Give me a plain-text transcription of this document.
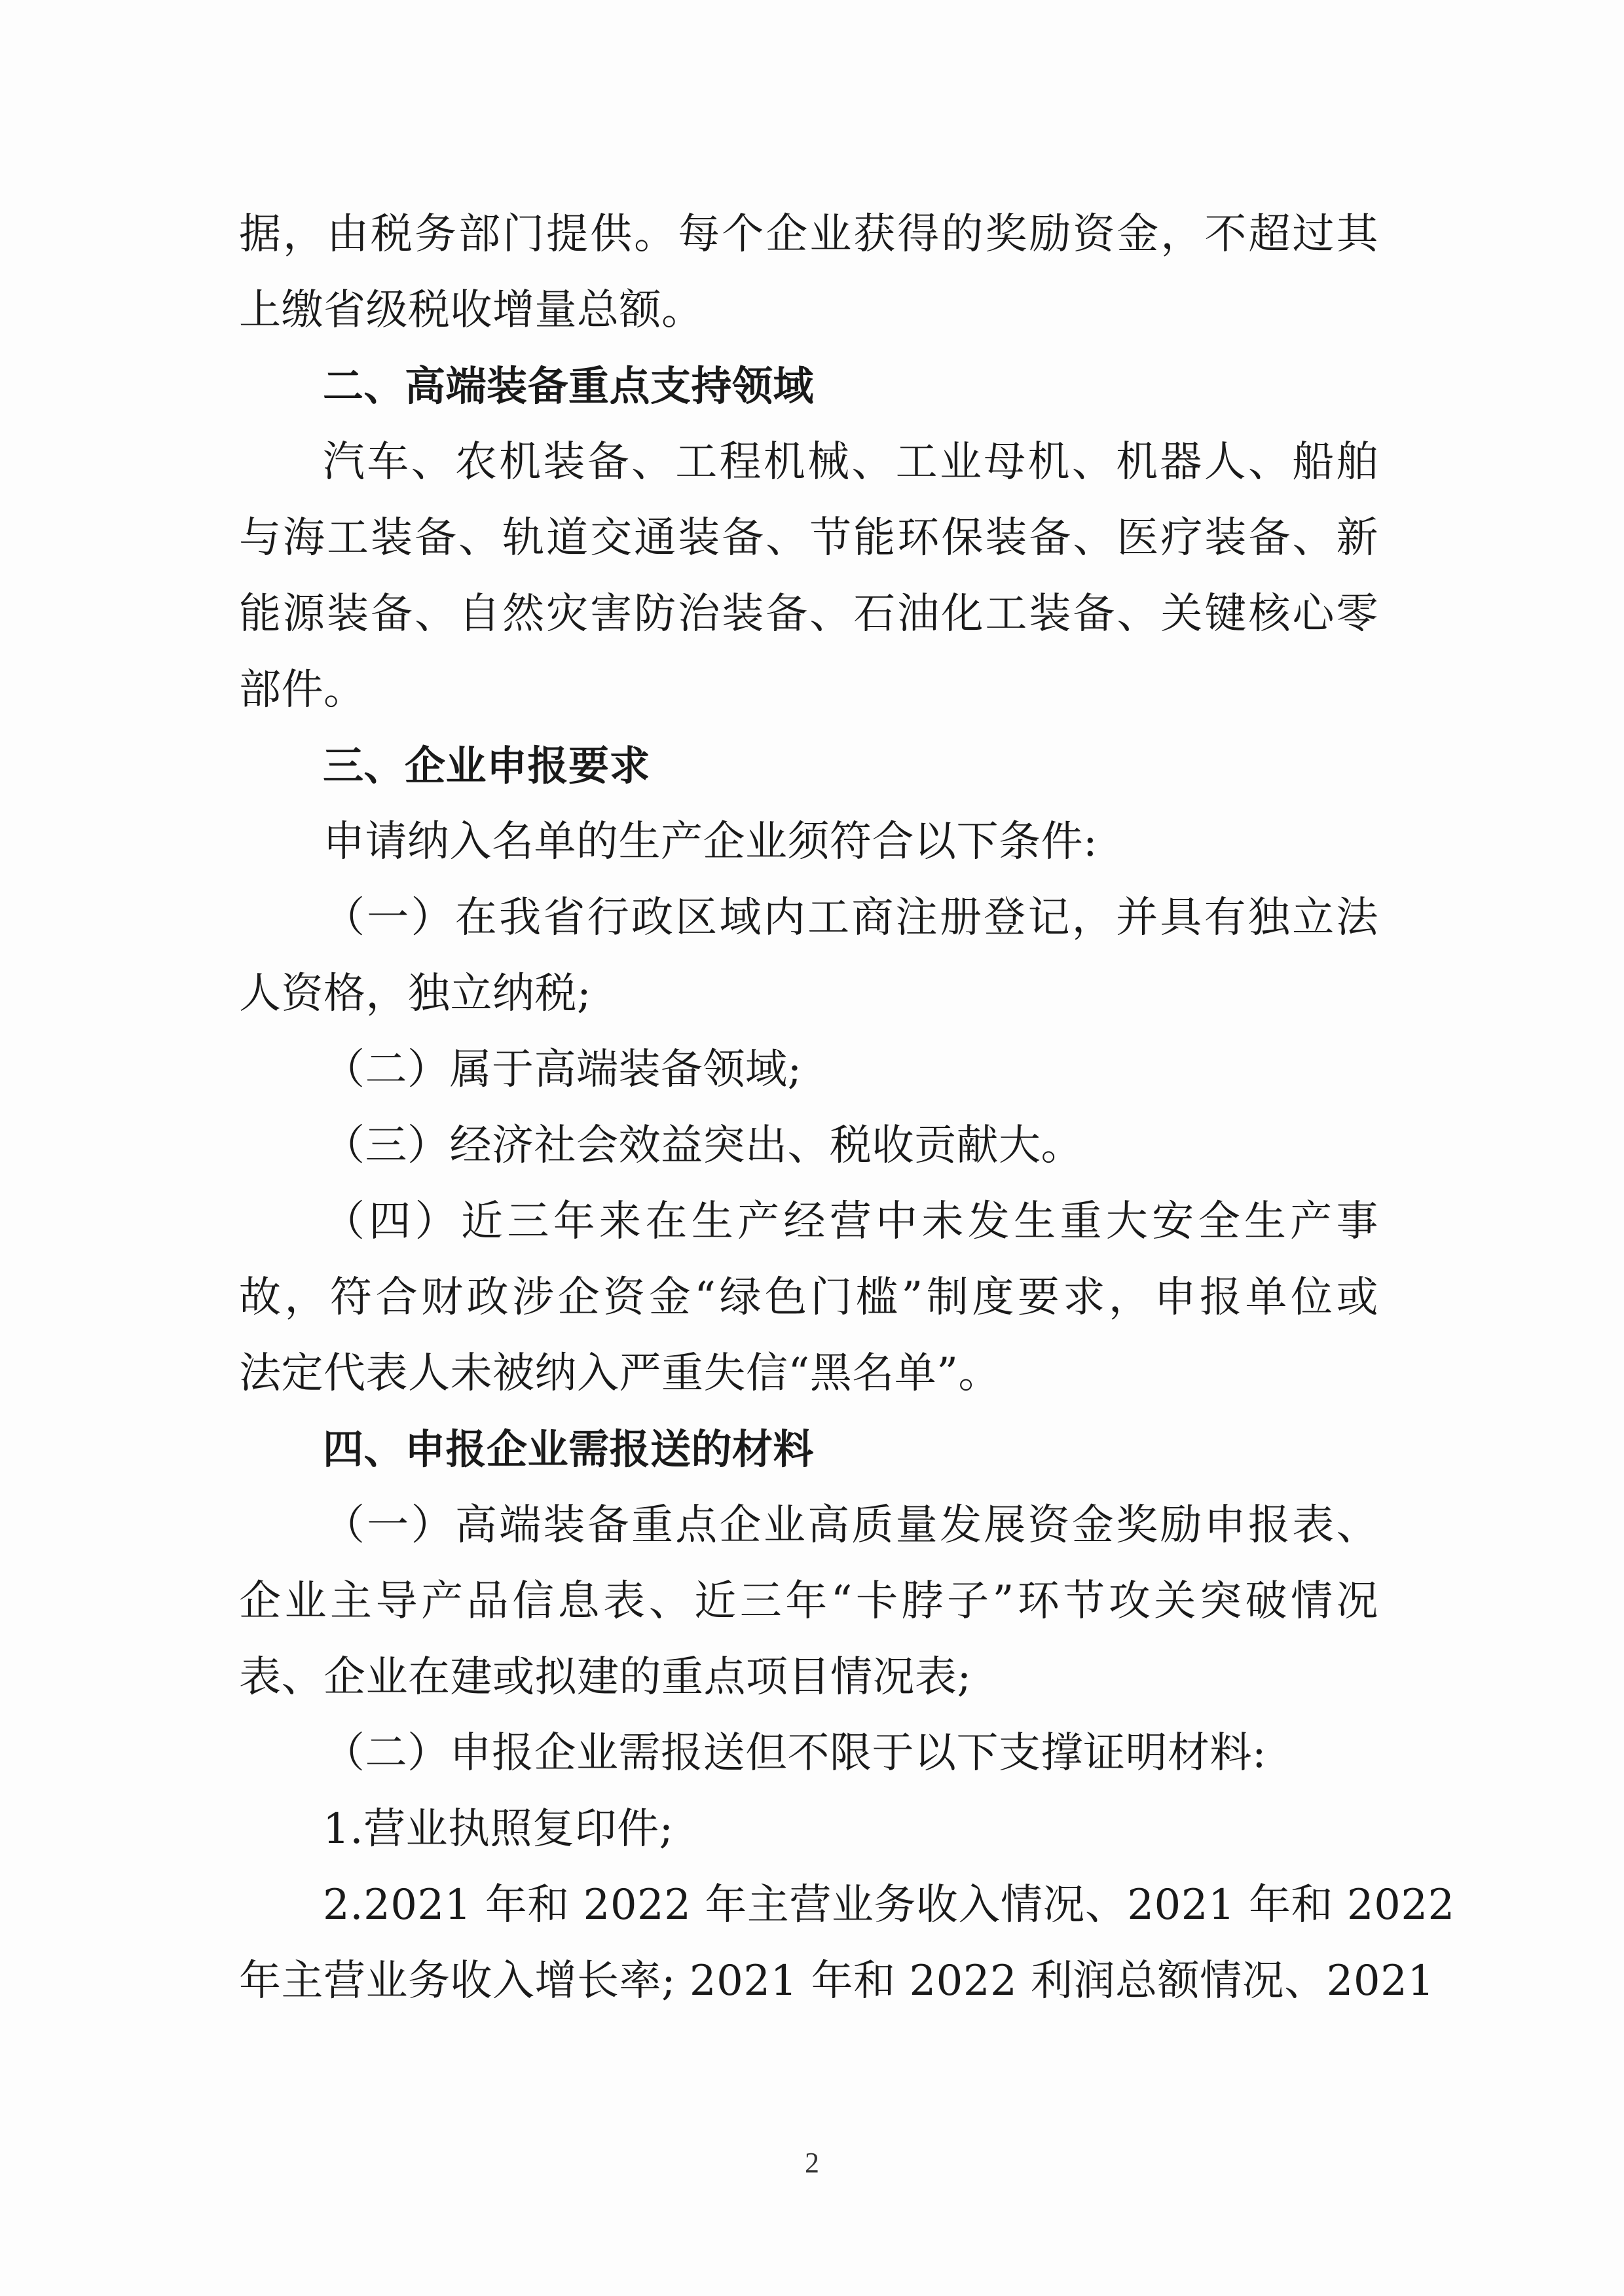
据，由税务部门提供。每个企业获得的奖励资金，不超过其
上缴省级税收增量总额。
二、高端装备重点支持领域
汽车、农机装备、工程机械、工业母机、机器人、船舶
与海工装备、轨道交通装备、节能环保装备、医疗装备、新
能源装备、自然灾害防治装备、石油化工装备、关键核心零
部件。
三、企业申报要求
申请纳入名单的生产企业须符合以下条件:
（一）在我省行政区域内工商注册登记，并具有独立法
人资格，独立纳税;
（二）属于高端装备领域;
（三）经济社会效益突出、税收贡献大。
（四）近三年来在生产经营中未发生重大安全生产事
故，符合财政涉企资金“绿色门槛”制度要求，申报单位或
法定代表人未被纳入严重失信“黑名单”。
四、申报企业需报送的材料
（一）高端装备重点企业高质量发展资金奖励申报表、
企业主导产品信息表、近三年“卡脖子”环节攻关突破情况
表、企业在建或拟建的重点项目情况表;
（二）申报企业需报送但不限于以下支撑证明材料:
1.营业执照复印件;
2.2021 年和 2022 年主营业务收入情况、2021 年和 2022
年主营业务收入增长率; 2021 年和 2022 利润总额情况、2021
2
